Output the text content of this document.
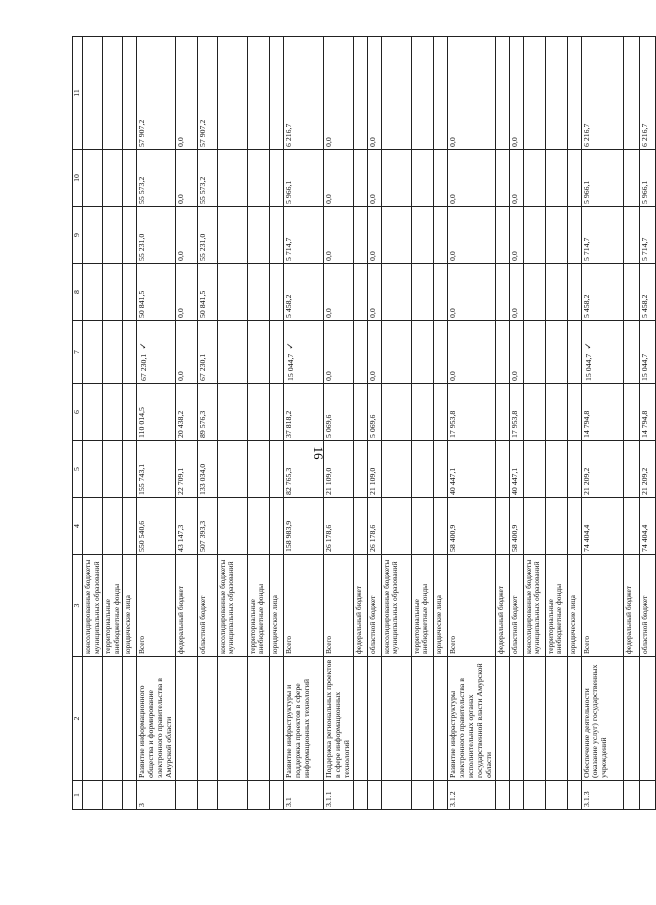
16
1	2	3	4	5	6	7	8	9	10	11
		консолидированные бюджеты муниципальных образований								
		территориальные внебюджетные фонды								
		юридические лица								
3	Развитие информационного общества и формирование электронного правительства в Амурской области	Всего	550 540,6	155 743,1	110 014,5	67 230,1✓	50 841,5	55 231,0	55 573,2	57 907,2
		федеральный бюджет	43 147,3	22 709,1	20 438,2	0,0	0,0	0,0	0,0	0,0
		областной бюджет	507 393,3	133 034,0	89 576,3	67 230,1	50 841,5	55 231,0	55 573,2	57 907,2
		консолидированные бюджеты муниципальных образований								
		территориальные внебюджетные фонды								
		юридические лица								
3.1	Развитие инфраструктуры и поддержка проектов в сфере информационных технологий	Всего	158 983,9	82 765,3	37 818,2	15 044,7✓	5 458,2	5 714,7	5 966,1	6 216,7
3.1.1	Поддержка региональных проектов в сфере информационных технологий	Всего	26 178,6	21 109,0	5 069,6	0,0	0,0	0,0	0,0	0,0
		федеральный бюджет								
		областной бюджет	26 178,6	21 109,0	5 069,6	0,0	0,0	0,0	0,0	0,0
		консолидированные бюджеты муниципальных образований								
		территориальные внебюджетные фонды								
		юридические лица								
3.1.2	Развитие инфраструктуры электронного правительства в исполнительных органах государственной власти Амурской области	Всего	58 400,9	40 447,1	17 953,8	0,0	0,0	0,0	0,0	0,0
		федеральный бюджет								
		областной бюджет	58 400,9	40 447,1	17 953,8	0,0	0,0	0,0	0,0	0,0
		консолидированные бюджеты муниципальных образований								
		территориальные внебюджетные фонды								
		юридические лица								
3.1.3	Обеспечение деятельности (оказание услуг) государственных учреждений	Всего	74 404,4	21 209,2	14 794,8	15 044,7✓	5 458,2	5 714,7	5 966,1	6 216,7
		федеральный бюджет								
		областной бюджет	74 404,4	21 209,2	14 794,8	15 044,7	5 458,2	5 714,7	5 966,1	6 216,7
